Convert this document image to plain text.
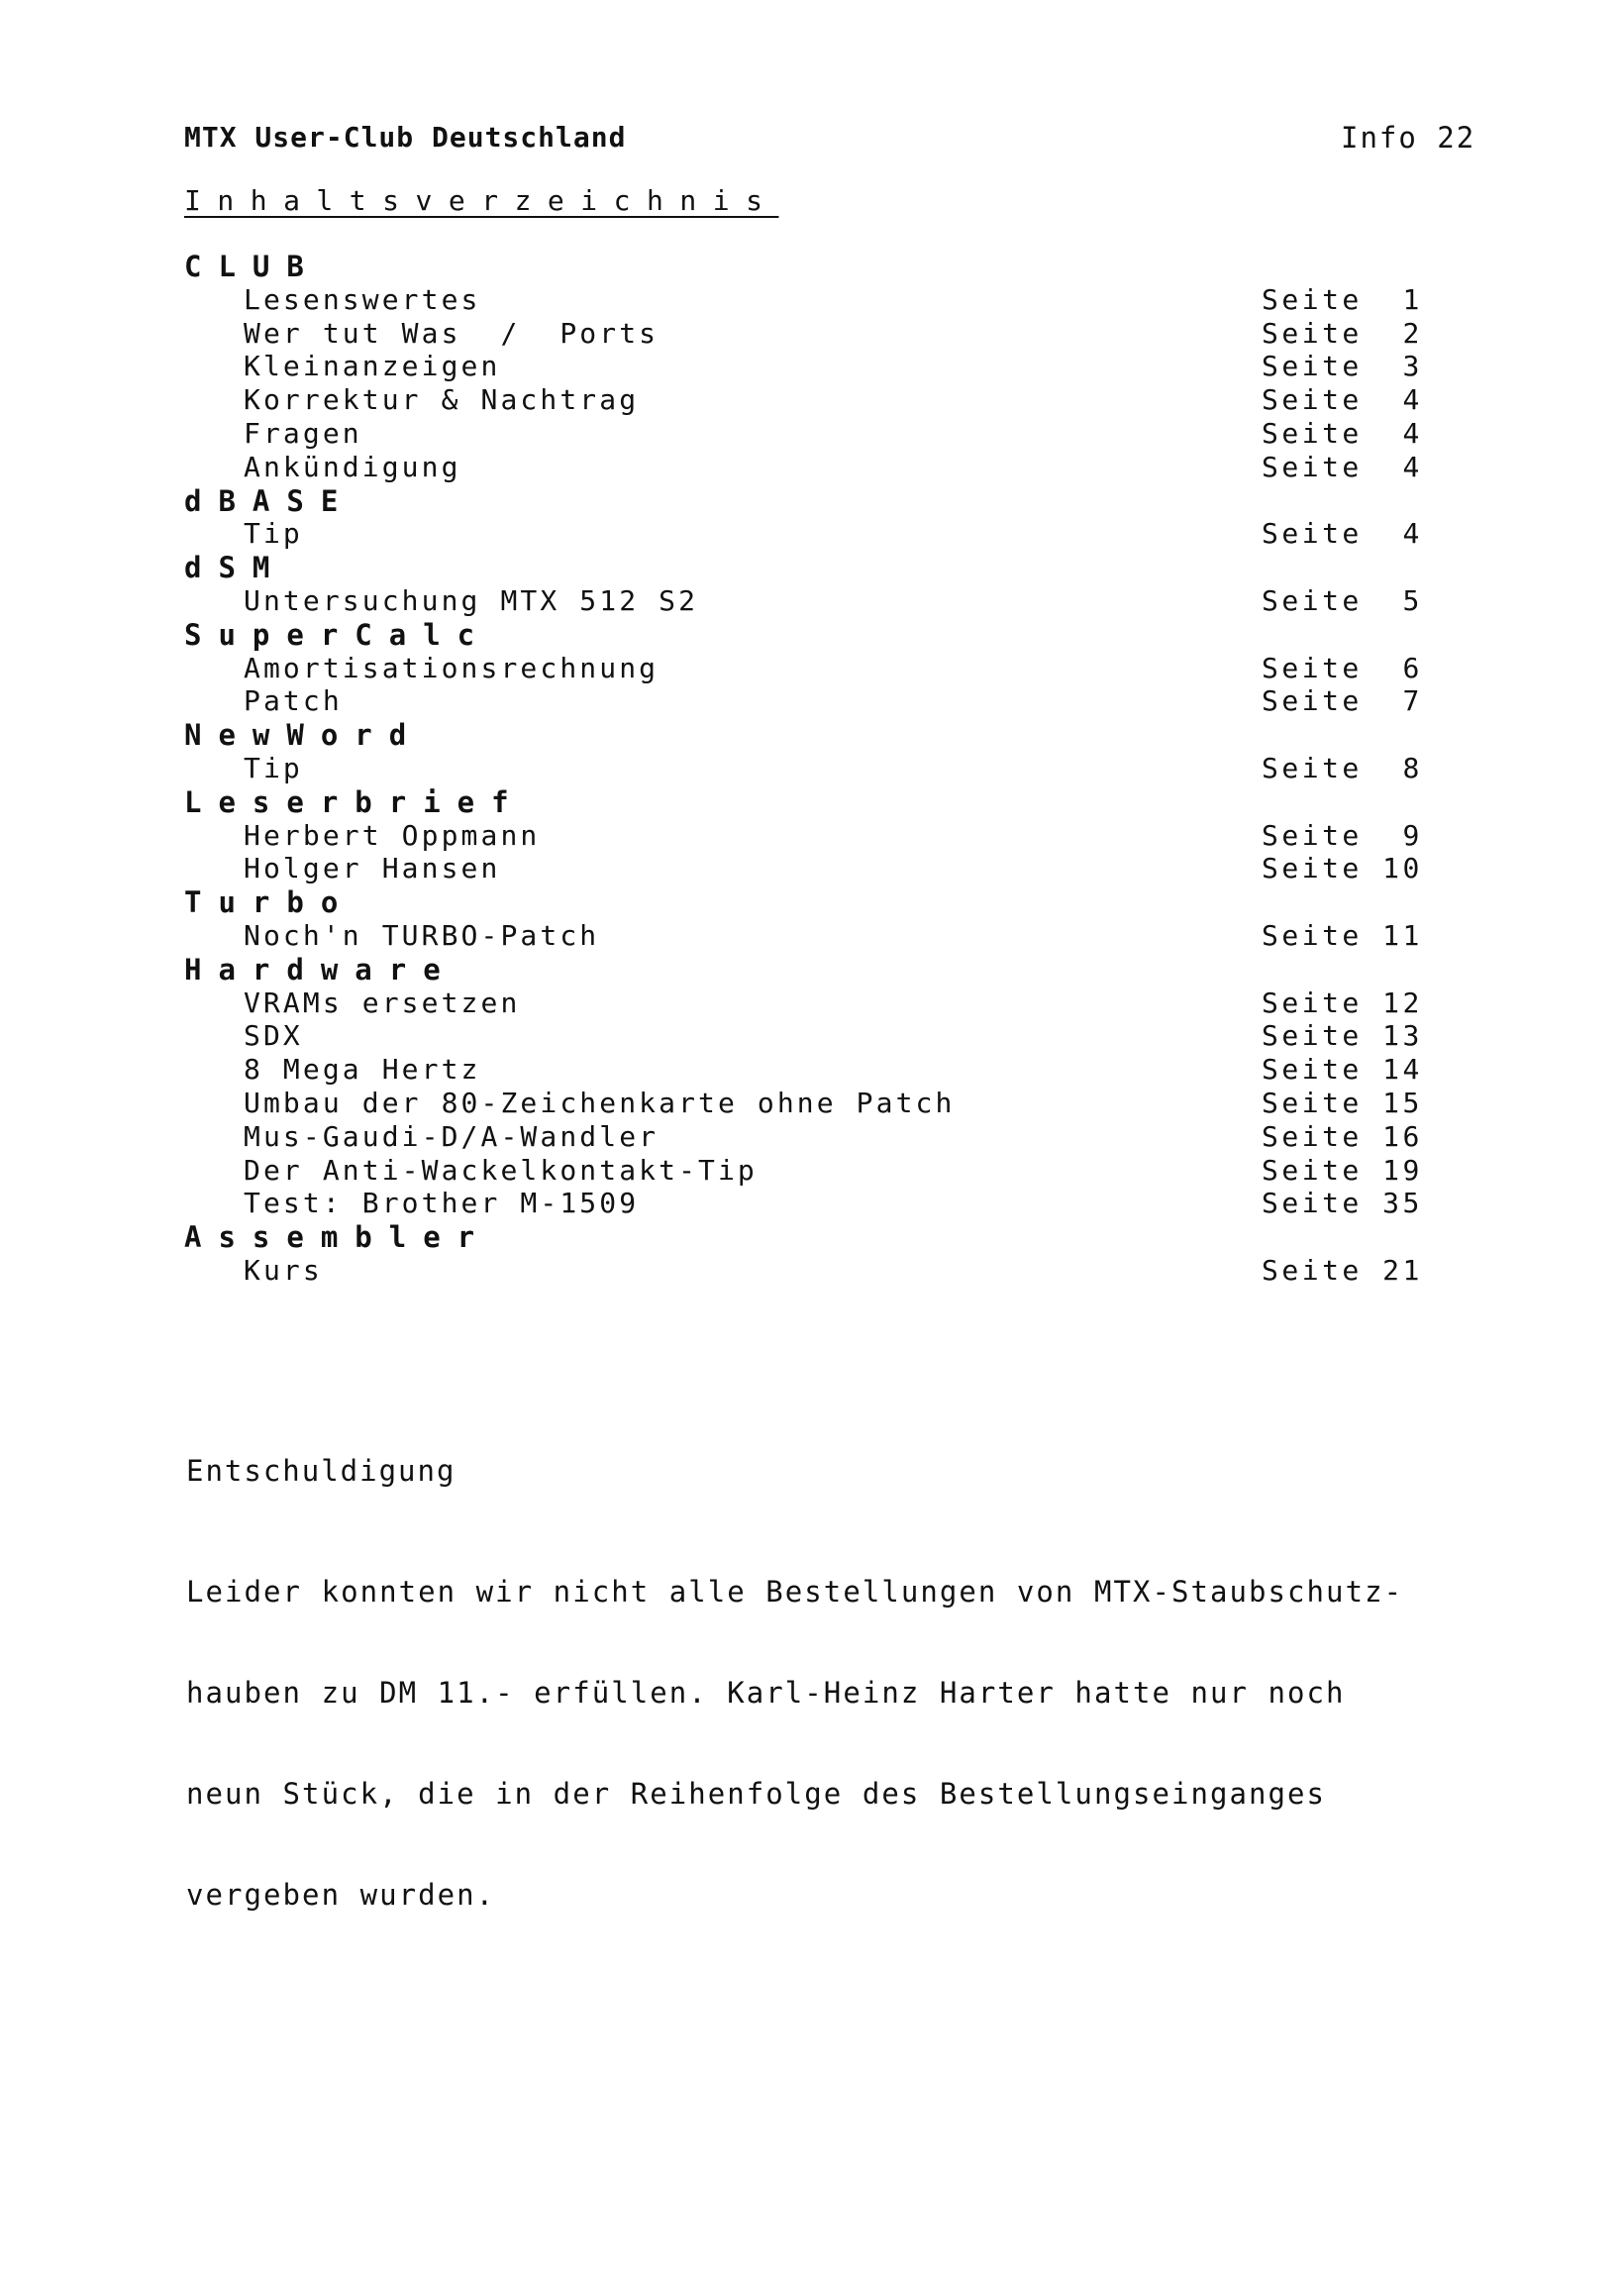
MTX User-Club Deutschland	Info 22
Inhaltsverzeichnis
CLUB
Lesenswertes	Seite  1
Wer tut Was  /  Ports	Seite  2
Kleinanzeigen	Seite  3
Korrektur & Nachtrag	Seite  4
Fragen	Seite  4
Ankündigung	Seite  4
dBASE
Tip	Seite  4
dSM
Untersuchung MTX 512 S2	Seite  5
SuperCalc
Amortisationsrechnung	Seite  6
Patch	Seite  7
NewWord
Tip	Seite  8
Leserbrief
Herbert Oppmann	Seite  9
Holger Hansen	Seite 10
Turbo
Noch'n TURBO-Patch	Seite 11
Hardware
VRAMs ersetzen	Seite 12
SDX	Seite 13
8 Mega Hertz	Seite 14
Umbau der 80-Zeichenkarte ohne Patch	Seite 15
Mus-Gaudi-D/A-Wandler	Seite 16
Der Anti-Wackelkontakt-Tip	Seite 19
Test: Brother M-1509	Seite 35
Assembler
Kurs	Seite 21

Entschuldigung

Leider konnten wir nicht alle Bestellungen von MTX-Staubschutz-

hauben zu DM 11.- erfüllen. Karl-Heinz Harter hatte nur noch

neun Stück, die in der Reihenfolge des Bestellungseinganges

vergeben wurden.
